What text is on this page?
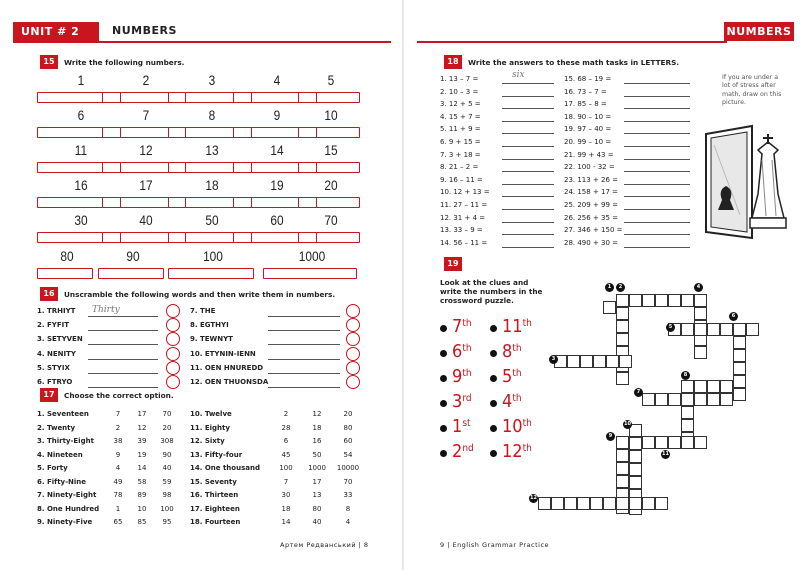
UNIT # 2	NUMBERS
15	Write the following numbers.
16	Unscramble the following words and then write them in numbers.
Thirty
17	Choose the correct option.
Артем Редванський | 8
1	2	3	4	5
6	7	8	9	10
11	12	13	14	15
16	17	18	19	20
30	40	50	60	70
80	90	100	1000
1. TRHIYT
2. FYFIT
3. SETYVEN
4. NENITY
5. STYIX
6. FTRYO
7. THE
8. EGTHYI
9. TEWNYT
10. ETYNIN-IENN
11. OEN HNUREDD
12. OEN THUONSDA
1. Seventeen	7	17	70
2. Twenty	2	12	20
3. Thirty-Eight	38	39	308
4. Nineteen	9	19	90
5. Forty	4	14	40
6. Fifty-Nine	49	58	59
7. Ninety-Eight	78	89	98
8. One Hundred	1	10	100
9. Ninety-Five	65	85	95
10. Twelve	2	12	20
11. Eighty	28	18	80
12. Sixty	6	16	60
13. Fifty-four	45	50	54
14. One thousand	100	1000	10000
15. Seventy	7	17	70
16. Thirteen	30	13	33
17. Eighteen	18	80	8
18. Fourteen	14	40	4
NUMBERS
18	Write the answers to these math tasks in LETTERS.
six	If you are under a lot of stress after math, draw on this picture.
19
Look at the clues and write the numbers in the crossword puzzle.
9 | English Grammar Practice
1. 13 – 7 =
2. 10 – 3 =
3. 12 + 5 =
4. 15 + 7 =
5. 11 + 9 =
6. 9 + 15 =
7. 3 + 18 =
8. 21 – 2 =
9. 16 – 11 =
10. 12 + 13 =
11. 27 – 11 =
12. 31 + 4 =
13. 33 – 9 =
14. 56 – 11 =
15. 68 – 19 =
16. 73 – 7 =
17. 85 – 8 =
18. 90 – 10 =
19. 97 – 40 =
20. 99 – 10 =
21. 99 + 43 =
22. 100 - 32 =
23. 113 + 26 =
24. 158 + 17 =
25. 209 + 99 =
26. 256 + 35 =
27. 346 + 150 =
28. 490 + 30 =
7th 11th
6th 8th
9th 5th
3rd 4th
1st 10th
2nd 12th
2
1
3
4
5
6
7
8
9
10
11
12
